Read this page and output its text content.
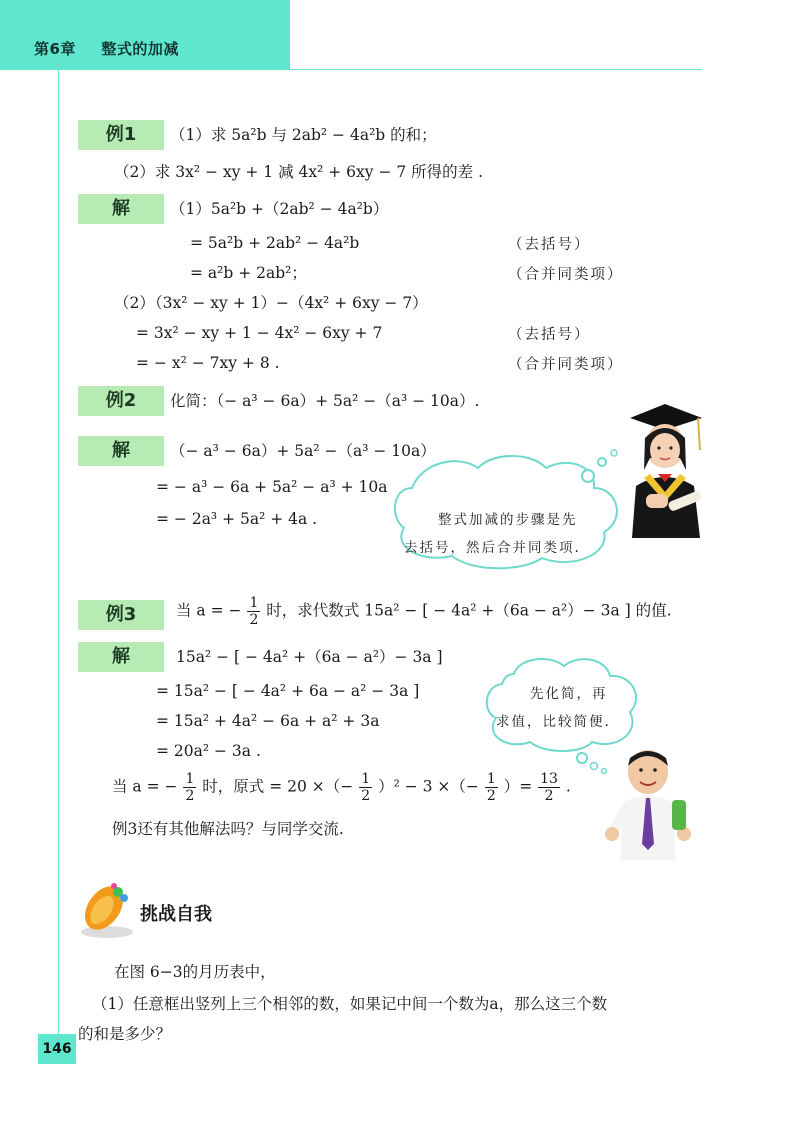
第6章 整式的加减
例1	（1）求 5a²b 与 2ab² − 4a²b 的和；
（2）求 3x² − xy + 1 减 4x² + 6xy − 7 所得的差 .
解	（1）5a²b +（2ab² − 4a²b）
= 5a²b + 2ab² − 4a²b	（去括号）
= a²b + 2ab²；	（合并同类项）
（2）（3x² − xy + 1）−（4x² + 6xy − 7）
= 3x² − xy + 1 − 4x² − 6xy + 7	（去括号）
= − x² − 7xy + 8 .	（合并同类项）
例2	化简：（− a³ − 6a）+ 5a² −（a³ − 10a）.
解	（− a³ − 6a）+ 5a² −（a³ − 10a）
= − a³ − 6a + 5a² − a³ + 10a
= − 2a³ + 5a² + 4a .	整式加减的步骤是先
去括号，然后合并同类项.
例3	当 a = − $\frac{1}{2}$ 时，求代数式 15a² − [ − 4a² +（6a − a²）− 3a ] 的值.
解	15a² − [ − 4a² +（6a − a²）− 3a ]
= 15a² − [ − 4a² + 6a − a² − 3a ]
= 15a² + 4a² − 6a + a² + 3a
= 20a² − 3a .
当 a = − $\frac{1}{2}$ 时，原式 = 20 ×（− $\frac{1}{2} )^2 - 3$ ×（− $\frac{1}{2}$ ）= $\frac{13}{2}$ .
例3还有其他解法吗？与同学交流.
先化简，再
求值，比较简便.
挑战自我
在图 6−3的月历表中，
（1）任意框出竖列上三个相邻的数，如果记中间一个数为a，那么这三个数
的和是多少？
146
